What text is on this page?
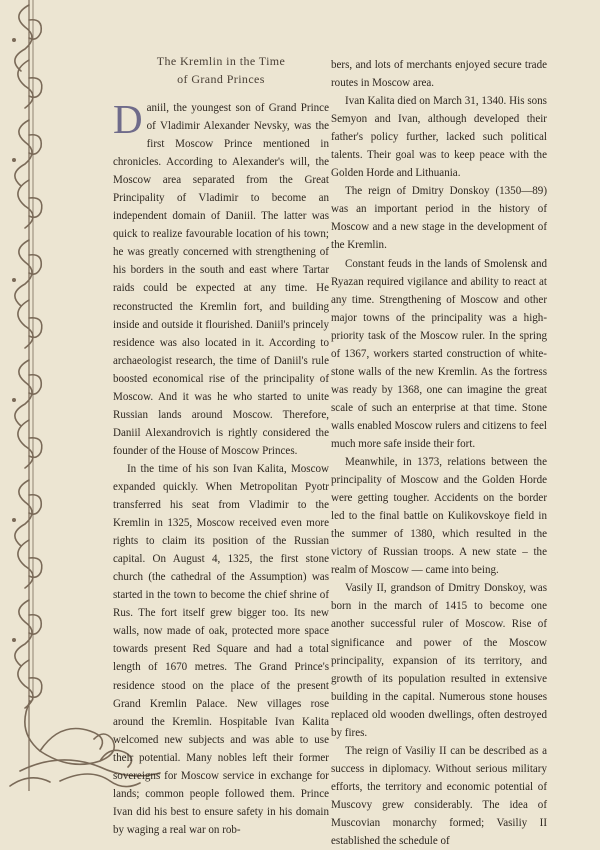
The Kremlin in the Time
of Grand Princes

Daniil, the youngest son of Grand Prince of Vladimir Alexander Nevsky, was the first Moscow Prince mentioned in chronicles. According to Alexander's will, the Moscow area separated from the Great Principality of Vladimir to become an independent domain of Daniil. The latter was quick to realize favourable location of his town; he was greatly concerned with strengthening of his borders in the south and east where Tartar raids could be expected at any time. He reconstructed the Kremlin fort, and building inside and outside it flourished. Daniil's princely residence was also located in it. According to archaeologist research, the time of Daniil's rule boosted economical rise of the principality of Moscow. And it was he who started to unite Russian lands around Moscow. Therefore, Daniil Alexandrovich is rightly considered the founder of the House of Moscow Princes.

In the time of his son Ivan Kalita, Moscow expanded quickly. When Metropolitan Pyotr transferred his seat from Vladimir to the Kremlin in 1325, Moscow received even more rights to claim its position of the Russian capital. On August 4, 1325, the first stone church (the cathedral of the Assumption) was started in the town to become the chief shrine of Rus. The fort itself grew bigger too. Its new walls, now made of oak, protected more space towards present Red Square and had a total length of 1670 metres. The Grand Prince's residence stood on the place of the present Grand Kremlin Palace. New villages rose around the Kremlin. Hospitable Ivan Kalita welcomed new subjects and was able to use their potential. Many nobles left their former sovereigns for Moscow service in exchange for lands; common people followed them. Prince Ivan did his best to ensure safety in his domain by waging a real war on rob-

bers, and lots of merchants enjoyed secure trade routes in Moscow area.

Ivan Kalita died on March 31, 1340. His sons Semyon and Ivan, although developed their father's policy further, lacked such political talents. Their goal was to keep peace with the Golden Horde and Lithuania.

The reign of Dmitry Donskoy (1350—89) was an important period in the history of Moscow and a new stage in the development of the Kremlin.

Constant feuds in the lands of Smolensk and Ryazan required vigilance and ability to react at any time. Strengthening of Moscow and other major towns of the principality was a high-priority task of the Moscow ruler. In the spring of 1367, workers started construction of white-stone walls of the new Kremlin. As the fortress was ready by 1368, one can imagine the great scale of such an enterprise at that time. Stone walls enabled Moscow rulers and citizens to feel much more safe inside their fort.

Meanwhile, in 1373, relations between the principality of Moscow and the Golden Horde were getting tougher. Accidents on the border led to the final battle on Kulikovskoye field in the summer of 1380, which resulted in the victory of Russian troops. A new state – the realm of Moscow — came into being.

Vasily II, grandson of Dmitry Donskoy, was born in the march of 1415 to become one another successful ruler of Moscow. Rise of significance and power of the Moscow principality, expansion of its territory, and growth of its population resulted in extensive building in the capital. Numerous stone houses replaced old wooden dwellings, often destroyed by fires.

The reign of Vasiliy II can be described as a success in diplomacy. Without serious military efforts, the territory and economic potential of Muscovy grew considerably. The idea of Muscovian monarchy formed; Vasiliy II established the schedule of
